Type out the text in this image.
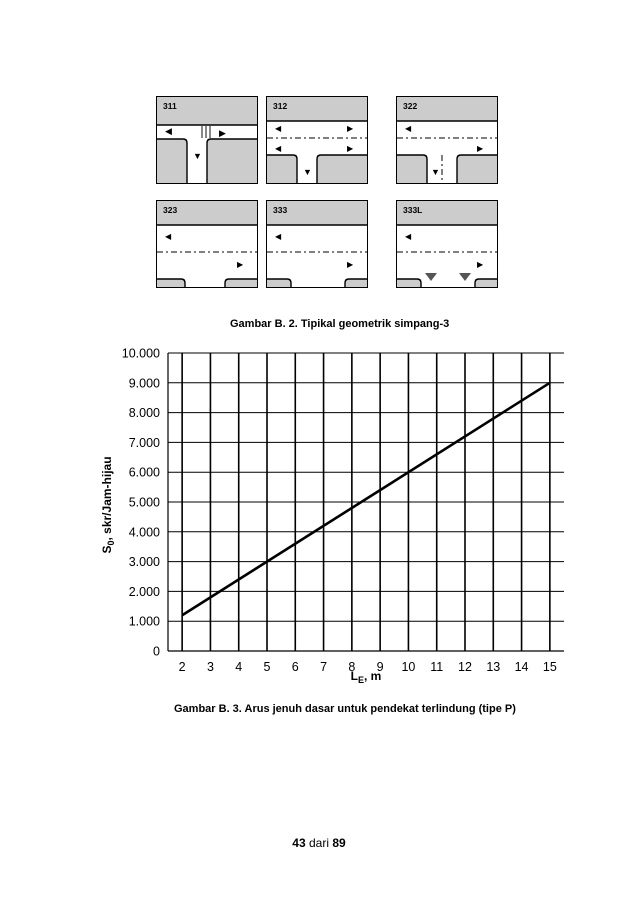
311
◀	▶
▼
312
◀
◀
▶
▶
▼
322
◀
▶
▼
323
◀
▶
333
◀
▶
333L
◀
▶
Gambar B. 2. Tipikal geometrik simpang-3
2 3 4 5 6 7 8 9 10 11 12 13 14 15
0
1.000
2.000
3.000
4.000
5.000
6.000
7.000
8.000
9.000
10.000
$S_0$, skr/Jam-hijau
$L_E$, m
Gambar B. 3. Arus jenuh dasar untuk pendekat terlindung (tipe P)
43 dari 89
